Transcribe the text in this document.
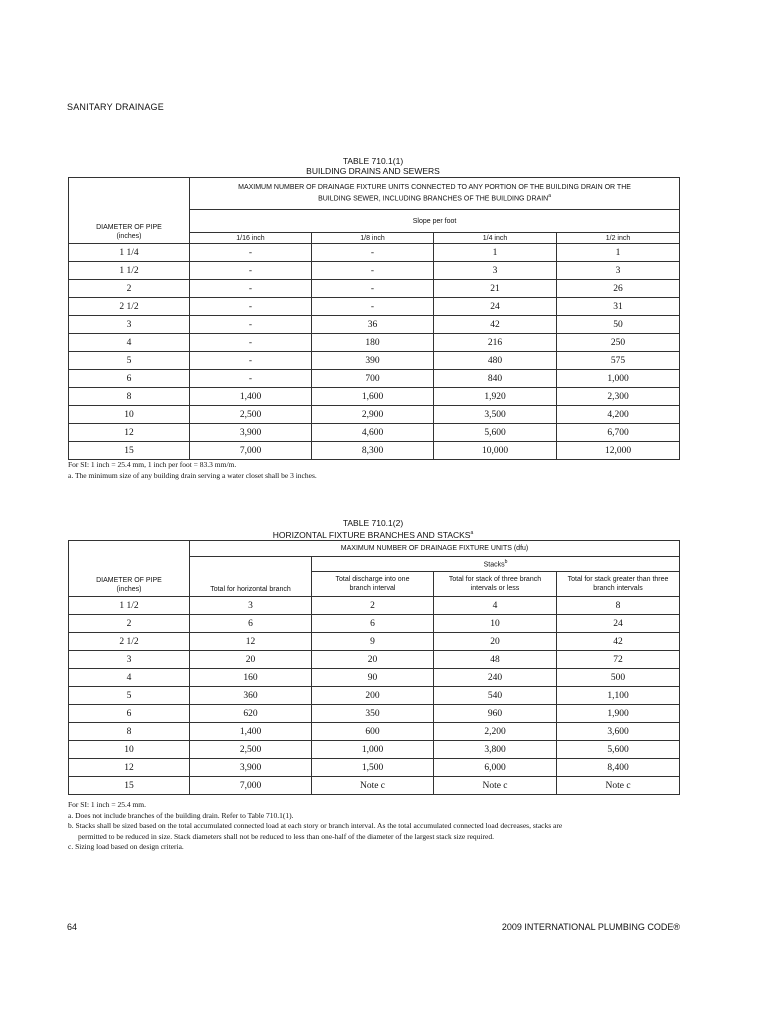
SANITARY DRAINAGE
TABLE 710.1(1)
BUILDING DRAINS AND SEWERS
DIAMETER OF PIPE
(inches)	MAXIMUM NUMBER OF DRAINAGE FIXTURE UNITS CONNECTED TO ANY PORTION OF THE BUILDING DRAIN OR THE BUILDING SEWER, INCLUDING BRANCHES OF THE BUILDING DRAIN$^a$
	Slope per foot			
	1/16 inch	1/8 inch	1/4 inch	1/2 inch
1 1/4	-	-	1	1
1 1/2	-	-	3	3
2	-	-	21	26
2 1/2	-	-	24	31
3	-	36	42	50
4	-	180	216	250
5	-	390	480	575
6	-	700	840	1,000
8	1,400	1,600	1,920	2,300
10	2,500	2,900	3,500	4,200
12	3,900	4,600	5,600	6,700
15	7,000	8,300	10,000	12,000
For SI: 1 inch = 25.4 mm, 1 inch per foot = 83.3 mm/m.
a. The minimum size of any building drain serving a water closet shall be 3 inches.
TABLE 710.1(2)
HORIZONTAL FIXTURE BRANCHES AND STACKS$^a$
DIAMETER OF PIPE
(inches)	MAXIMUM NUMBER OF DRAINAGE FIXTURE UNITS (dfu)			
	Total for horizontal branch	Stacks$^b$
		Total discharge into one branch interval	Total for stack of three branch intervals or less	Total for stack greater than three branch intervals
1 1/2	3	2	4	8
2	6	6	10	24
2 1/2	12	9	20	42
3	20	20	48	72
4	160	90	240	500
5	360	200	540	1,100
6	620	350	960	1,900
8	1,400	600	2,200	3,600
10	2,500	1,000	3,800	5,600
12	3,900	1,500	6,000	8,400
15	7,000	Note c	Note c	Note c
For SI: 1 inch = 25.4 mm.
a. Does not include branches of the building drain. Refer to Table 710.1(1).
b. Stacks shall be sized based on the total accumulated connected load at each story or branch interval. As the total accumulated connected load decreases, stacks are
permitted to be reduced in size. Stack diameters shall not be reduced to less than one-half of the diameter of the largest stack size required.
c. Sizing load based on design criteria.
64	2009 INTERNATIONAL PLUMBING CODE®
